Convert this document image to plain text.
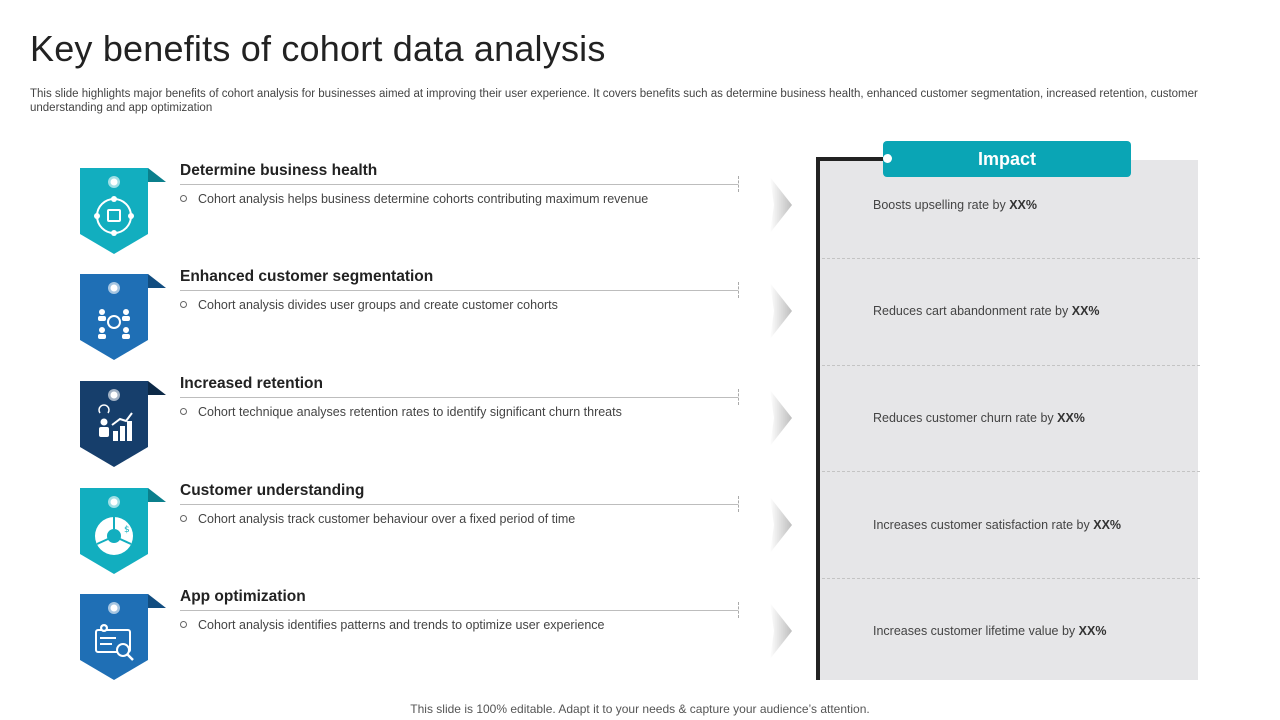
Key benefits of cohort data analysis
This slide highlights major benefits of cohort analysis for businesses aimed at improving their user experience. It covers benefits such as determine business health, enhanced customer segmentation, increased retention, customer understanding and app optimization
Determine business health
Cohort analysis helps business determine cohorts contributing maximum revenue
Enhanced customer segmentation
Cohort analysis divides user groups and create customer cohorts
Increased retention
Cohort technique analyses retention rates to identify significant churn threats
$
Customer understanding
Cohort analysis track customer behaviour over a fixed period of time
App optimization
Cohort analysis identifies patterns and trends to optimize user experience
Impact
Boosts upselling rate by XX%
Reduces cart abandonment rate by XX%
Reduces customer churn rate by XX%
Increases customer satisfaction rate by XX%
Increases customer lifetime value by XX%
This slide is 100% editable. Adapt it to your needs & capture your audience’s attention.
